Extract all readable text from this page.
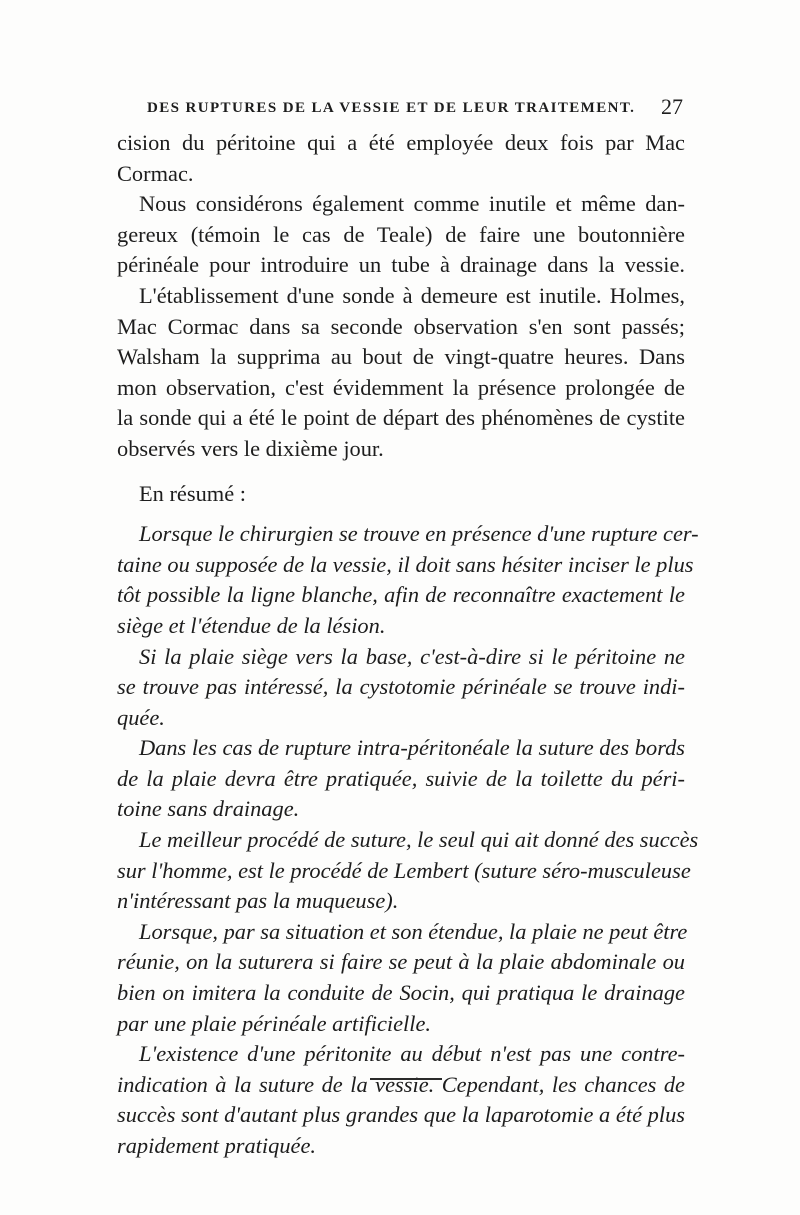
DES RUPTURES DE LA VESSIE ET DE LEUR TRAITEMENT. 27
cision du péritoine qui a été employée deux fois par Mac
Cormac.
Nous considérons également comme inutile et même dan-
gereux (témoin le cas de Teale) de faire une boutonnière
périnéale pour introduire un tube à drainage dans la vessie.
L'établissement d'une sonde à demeure est inutile. Holmes,
Mac Cormac dans sa seconde observation s'en sont passés;
Walsham la supprima au bout de vingt-quatre heures. Dans
mon observation, c'est évidemment la présence prolongée de
la sonde qui a été le point de départ des phénomènes de cystite
observés vers le dixième jour.
En résumé :
Lorsque le chirurgien se trouve en présence d'une rupture cer-
taine ou supposée de la vessie, il doit sans hésiter inciser le plus
tôt possible la ligne blanche, afin de reconnaître exactement le
siège et l'étendue de la lésion.
Si la plaie siège vers la base, c'est-à-dire si le péritoine ne
se trouve pas intéressé, la cystotomie périnéale se trouve indi-
quée.
Dans les cas de rupture intra-péritonéale la suture des bords
de la plaie devra être pratiquée, suivie de la toilette du péri-
toine sans drainage.
Le meilleur procédé de suture, le seul qui ait donné des succès
sur l'homme, est le procédé de Lembert (suture séro-musculeuse
n'intéressant pas la muqueuse).
Lorsque, par sa situation et son étendue, la plaie ne peut être
réunie, on la suturera si faire se peut à la plaie abdominale ou
bien on imitera la conduite de Socin, qui pratiqua le drainage
par une plaie périnéale artificielle.
L'existence d'une péritonite au début n'est pas une contre-
indication à la suture de la vessie. Cependant, les chances de
succès sont d'autant plus grandes que la laparotomie a été plus
rapidement pratiquée.
